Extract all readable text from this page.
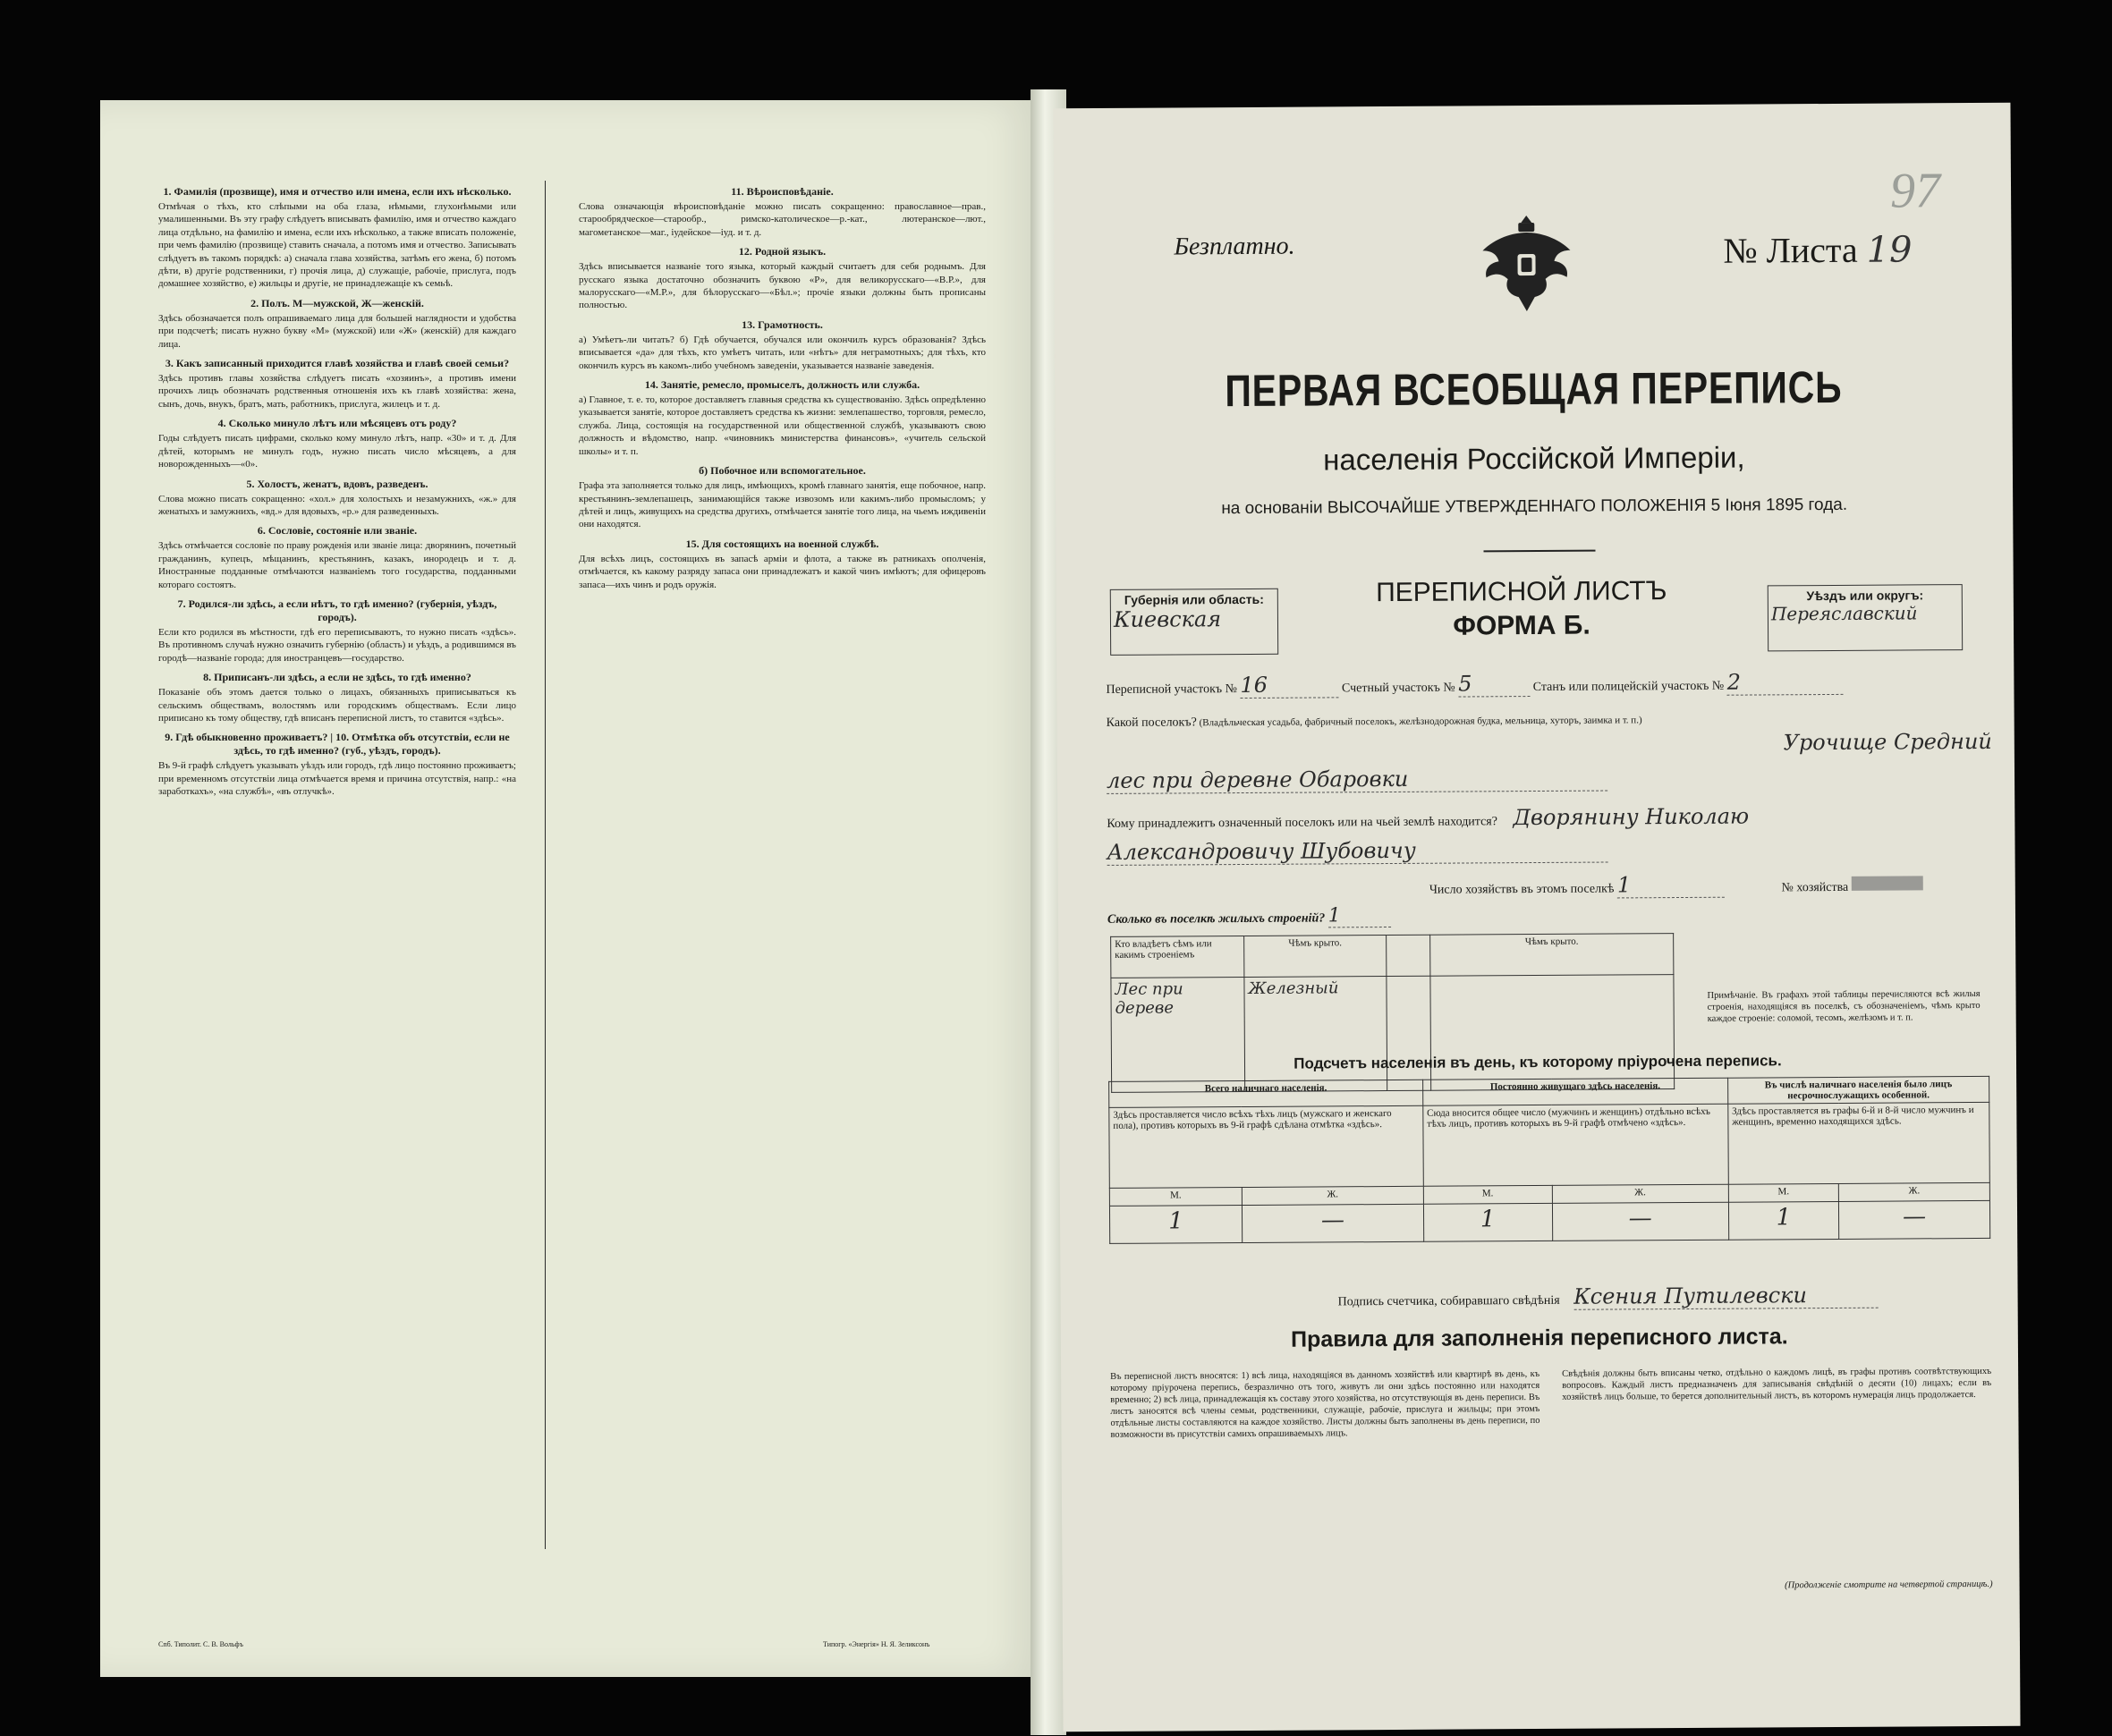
1. Фамилія (прозвище), имя и отчество или имена, если ихъ нѣсколько.

Отмѣчая о тѣхъ, кто слѣпыми на оба глаза, нѣмыми, глухонѣмыми или умалишенными. Въ эту графу слѣдуетъ вписывать фамилію, имя и отчество каждаго лица отдѣльно, на фамилію и имена, если ихъ нѣсколько, а также вписать положеніе, при чемъ фамилію (прозвище) ставить сначала, а потомъ имя и отчество. Записывать слѣдуетъ въ такомъ порядкѣ: а) сначала глава хозяйства, затѣмъ его жена, б) потомъ дѣти, в) другіе родственники, г) прочія лица, д) служащіе, рабочіе, прислуга, подъ домашнее хозяйство, е) жильцы и другіе, не принадлежащіе къ семьѣ.

2. Полъ. М—мужской, Ж—женскій.

Здѣсь обозначается полъ опрашиваемаго лица для большей наглядности и удобства при подсчетѣ; писать нужно букву «М» (мужской) или «Ж» (женскій) для каждаго лица.

3. Какъ записанный приходится главѣ хозяйства и главѣ своей семьи?

Здѣсь противъ главы хозяйства слѣдуетъ писать «хозяинъ», а противъ имени прочихъ лицъ обозначать родственныя отношенія ихъ къ главѣ хозяйства: жена, сынъ, дочь, внукъ, братъ, мать, работникъ, прислуга, жилецъ и т. д.

4. Сколько минуло лѣтъ или мѣсяцевъ отъ роду?

Годы слѣдуетъ писать цифрами, сколько кому минуло лѣтъ, напр. «30» и т. д. Для дѣтей, которымъ не минулъ годъ, нужно писать число мѣсяцевъ, а для новорожденныхъ—«0».

5. Холостъ, женатъ, вдовъ, разведенъ.

Слова можно писать сокращенно: «хол.» для холостыхъ и незамужнихъ, «ж.» для женатыхъ и замужнихъ, «вд.» для вдовыхъ, «р.» для разведенныхъ.

6. Сословіе, состояніе или званіе.

Здѣсь отмѣчается сословіе по праву рожденія или званіе лица: дворянинъ, почетный гражданинъ, купецъ, мѣщанинъ, крестьянинъ, казакъ, инородецъ и т. д. Иностранные подданные отмѣчаются названіемъ того государства, подданными котораго состоятъ.

7. Родился-ли здѣсь, а если нѣтъ, то гдѣ именно? (губернія, уѣздъ, городъ).

Если кто родился въ мѣстности, гдѣ его переписываютъ, то нужно писать «здѣсь». Въ противномъ случаѣ нужно означить губернію (область) и уѣздъ, а родившимся въ городѣ—названіе города; для иностранцевъ—государство.

8. Приписанъ-ли здѣсь, а если не здѣсь, то гдѣ именно?

Показаніе объ этомъ дается только о лицахъ, обязанныхъ приписываться къ сельскимъ обществамъ, волостямъ или городскимъ обществамъ. Если лицо приписано къ тому обществу, гдѣ вписанъ переписной листъ, то ставится «здѣсь».

9. Гдѣ обыкновенно проживаетъ? | 10. Отмѣтка объ отсутствіи, если не здѣсь, то гдѣ именно? (губ., уѣздъ, городъ).

Въ 9-й графѣ слѣдуетъ указывать уѣздъ или городъ, гдѣ лицо постоянно проживаетъ; при временномъ отсутствіи лица отмѣчается время и причина отсутствія, напр.: «на заработкахъ», «на службѣ», «въ отлучкѣ».

11. Вѣроисповѣданіе.

Слова означающія вѣроисповѣданіе можно писать сокращенно: православное—прав., старообрядческое—старообр., римско-католическое—р.-кат., лютеранское—лют., магометанское—маг., іудейское—іуд. и т. д.

12. Родной языкъ.

Здѣсь вписывается названіе того языка, который каждый считаетъ для себя роднымъ. Для русскаго языка достаточно обозначить буквою «Р», для великорусскаго—«В.Р.», для малорусскаго—«М.Р.», для бѣлорусскаго—«Бѣл.»; прочіе языки должны быть прописаны полностью.

13. Грамотность.

а) Умѣетъ-ли читать? б) Гдѣ обучается, обучался или окончилъ курсъ образованія? Здѣсь вписывается «да» для тѣхъ, кто умѣетъ читать, или «нѣтъ» для неграмотныхъ; для тѣхъ, кто окончилъ курсъ въ какомъ-либо учебномъ заведеніи, указывается названіе заведенія.

14. Занятіе, ремесло, промыселъ, должность или служба.

а) Главное, т. е. то, которое доставляетъ главныя средства къ существованію. Здѣсь опредѣленно указывается занятіе, которое доставляетъ средства къ жизни: землепашество, торговля, ремесло, служба. Лица, состоящія на государственной или общественной службѣ, указываютъ свою должность и вѣдомство, напр. «чиновникъ министерства финансовъ», «учитель сельской школы» и т. п.

б) Побочное или вспомогательное.

Графа эта заполняется только для лицъ, имѣющихъ, кромѣ главнаго занятія, еще побочное, напр. крестьянинъ-землепашецъ, занимающійся также извозомъ или какимъ-либо промысломъ; у дѣтей и лицъ, живущихъ на средства другихъ, отмѣчается занятіе того лица, на чьемъ иждивеніи они находятся.

15. Для состоящихъ на военной службѣ.

Для всѣхъ лицъ, состоящихъ въ запасѣ арміи и флота, а также въ ратникахъ ополченія, отмѣчается, къ какому разряду запаса они принадлежатъ и какой чинъ имѣютъ; для офицеровъ запаса—ихъ чинъ и родъ оружія.

Cпб. Типолит. С. В. Вольфъ	Типогр. «Энергія» Н. Я. Зеликсонъ
97
Безплатно.	№ Листа 19
ПЕРВАЯ ВСЕОБЩАЯ ПЕРЕПИСЬ
населенія Россійской Имперіи,
на основаніи ВЫСОЧАЙШЕ УТВЕРЖДЕННАГО ПОЛОЖЕНІЯ 5 Іюня 1895 года.
Губернія или область:
Киевская
ПЕРЕПИСНОЙ ЛИСТЪ
ФОРМА Б.
Уѣздъ или округъ:
Переяславский
Переписной участокъ № 16	Счетный участокъ № 5	Станъ или полицейскій участокъ № 2
Какой поселокъ? (Владѣльческая усадьба, фабричный поселокъ, желѣзнодорожная будка, мельница, хуторъ, заимка и т. п.)
Урочище Средний
лес при деревне Обаровки
Кому принадлежитъ означенный поселокъ или на чьей землѣ находится? Дворянину Николаю
Александровичу Шубовичу
Число хозяйствъ въ этомъ поселкѣ 1	№ хозяйства
Сколько въ поселкѣ жилыхъ строеній? 1
Кто владѣетъ сѣмъ или какимъ строеніемъ	Чѣмъ крыто.		Чѣмъ крыто.
Лес при дереве	Железный			Примѣчаніе. Въ графахъ этой таблицы перечисляются всѣ жилыя строенія, находящіяся въ поселкѣ, съ обозначеніемъ, чѣмъ крыто каждое строеніе: соломой, тесомъ, желѣзомъ и т. п.
Подсчетъ населенія въ день, къ которому пріурочена перепись.
Всего наличнаго населенія.		Постоянно живущаго здѣсь населенія.		Въ числѣ наличнаго населенія было лицъ несрочнослужащихъ особенной.	
Здѣсь проставляется число всѣхъ тѣхъ лицъ (мужскаго и женскаго пола), противъ которыхъ въ 9-й графѣ сдѣлана отмѣтка «здѣсь».		Сюда вносится общее число (мужчинъ и женщинъ) отдѣльно всѣхъ тѣхъ лицъ, противъ которыхъ въ 9-й графѣ отмѣчено «здѣсь».		Здѣсь проставляется въ графы 6-й и 8-й число мужчинъ и женщинъ, временно находящихся здѣсь.	
М.	Ж.	М.	Ж.	М.	Ж.
1	—	1	—	1	—
Подпись счетчика, собиравшаго свѣдѣнія Ксения Путилевски
Правила для заполненія переписного листа.
Въ переписной листъ вносятся: 1) всѣ лица, находящіяся въ данномъ хозяйствѣ или квартирѣ въ день, къ которому пріурочена перепись, безразлично отъ того, живутъ ли они здѣсь постоянно или находятся временно; 2) всѣ лица, принадлежащія къ составу этого хозяйства, но отсутствующія въ день переписи. Въ листъ заносятся всѣ члены семьи, родственники, служащіе, рабочіе, прислуга и жильцы; при этомъ отдѣльные листы составляются на каждое хозяйство. Листы должны быть заполнены въ день переписи, по возможности въ присутствіи самихъ опрашиваемыхъ лицъ.
Свѣдѣнія должны быть вписаны четко, отдѣльно о каждомъ лицѣ, въ графы противъ соотвѣтствующихъ вопросовъ. Каждый листъ предназначенъ для записыванія свѣдѣній о десяти (10) лицахъ; если въ хозяйствѣ лицъ больше, то берется дополнительный листъ, въ которомъ нумерація лицъ продолжается.
(Продолженіе смотрите на четвертой страницѣ.)
